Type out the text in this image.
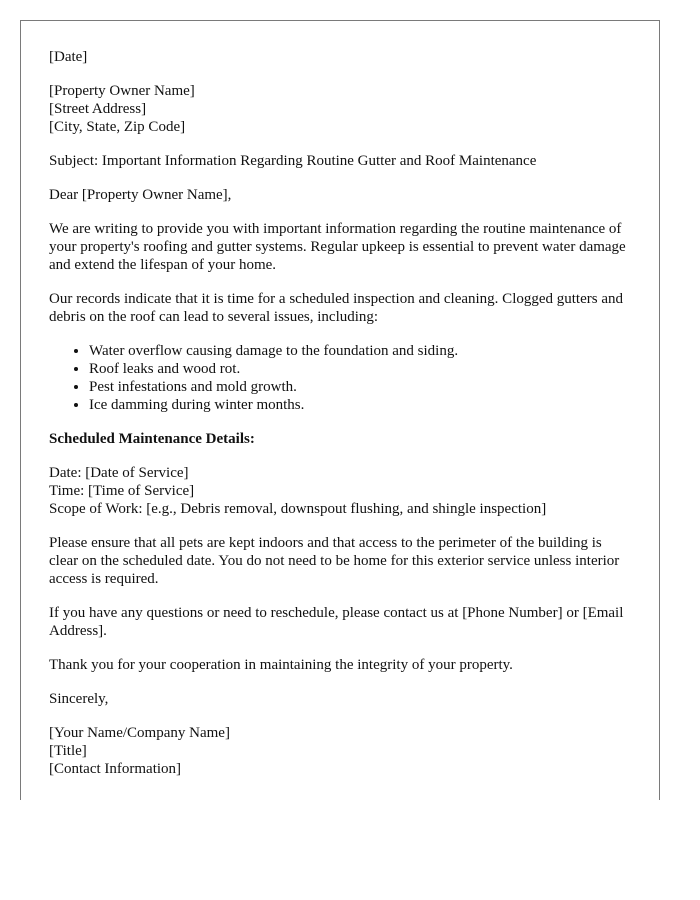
[Date]

[Property Owner Name]
[Street Address]
[City, State, Zip Code]

Subject: Important Information Regarding Routine Gutter and Roof Maintenance

Dear [Property Owner Name],

We are writing to provide you with important information regarding the routine maintenance of your property's roofing and gutter systems. Regular upkeep is essential to prevent water damage and extend the lifespan of your home.

Our records indicate that it is time for a scheduled inspection and cleaning. Clogged gutters and debris on the roof can lead to several issues, including:

• Water overflow causing damage to the foundation and siding.
• Roof leaks and wood rot.
• Pest infestations and mold growth.
• Ice damming during winter months.

Scheduled Maintenance Details:

Date: [Date of Service]
Time: [Time of Service]
Scope of Work: [e.g., Debris removal, downspout flushing, and shingle inspection]

Please ensure that all pets are kept indoors and that access to the perimeter of the building is clear on the scheduled date. You do not need to be home for this exterior service unless interior access is required.

If you have any questions or need to reschedule, please contact us at [Phone Number] or [Email Address].

Thank you for your cooperation in maintaining the integrity of your property.

Sincerely,

[Your Name/Company Name]
[Title]
[Contact Information]
